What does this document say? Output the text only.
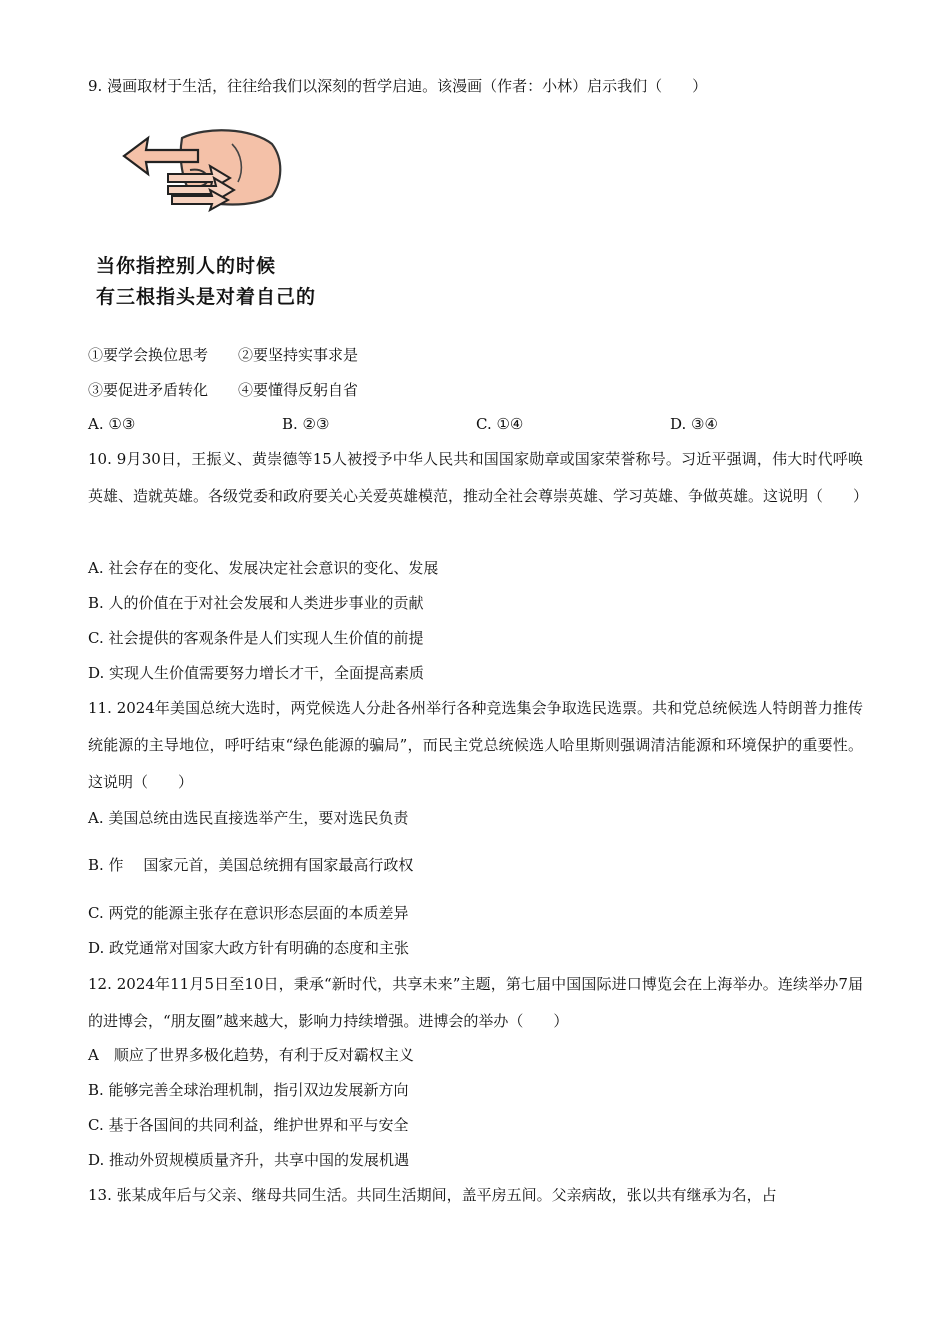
9. 漫画取材于生活，往往给我们以深刻的哲学启迪。该漫画（作者：小林）启示我们（　　）
当你指控别人的时候
有三根指头是对着自己的
①要学会换位思考　　②要坚持实事求是
③要促进矛盾转化　　④要懂得反躬自省
A. ①③	B. ②③	C. ①④	D. ③④
10. 9月30日，王振义、黄崇德等15人被授予中华人民共和国国家勋章或国家荣誉称号。习近平强调，伟大时代呼唤英雄、造就英雄。各级党委和政府要关心关爱英雄模范，推动全社会尊崇英雄、学习英雄、争做英雄。这说明（　　）
A. 社会存在的变化、发展决定社会意识的变化、发展
B. 人的价值在于对社会发展和人类进步事业的贡献
C. 社会提供的客观条件是人们实现人生价值的前提
D. 实现人生价值需要努力增长才干，全面提高素质
11. 2024年美国总统大选时，两党候选人分赴各州举行各种竞选集会争取选民选票。共和党总统候选人特朗普力推传统能源的主导地位，呼吁结束“绿色能源的骗局”，而民主党总统候选人哈里斯则强调清洁能源和环境保护的重要性。这说明（　　）
A. 美国总统由选民直接选举产生，要对选民负责
B. 作　 国家元首，美国总统拥有国家最高行政权
C. 两党的能源主张存在意识形态层面的本质差异
D. 政党通常对国家大政方针有明确的态度和主张
12. 2024年11月5日至10日，秉承“新时代，共享未来”主题，第七届中国国际进口博览会在上海举办。连续举办7届的进博会，“朋友圈”越来越大，影响力持续增强。进博会的举办（　　）
A　顺应了世界多极化趋势，有利于反对霸权主义
B. 能够完善全球治理机制，指引双边发展新方向
C. 基于各国间的共同利益，维护世界和平与安全
D. 推动外贸规模质量齐升，共享中国的发展机遇
13. 张某成年后与父亲、继母共同生活。共同生活期间，盖平房五间。父亲病故，张以共有继承为名，占
